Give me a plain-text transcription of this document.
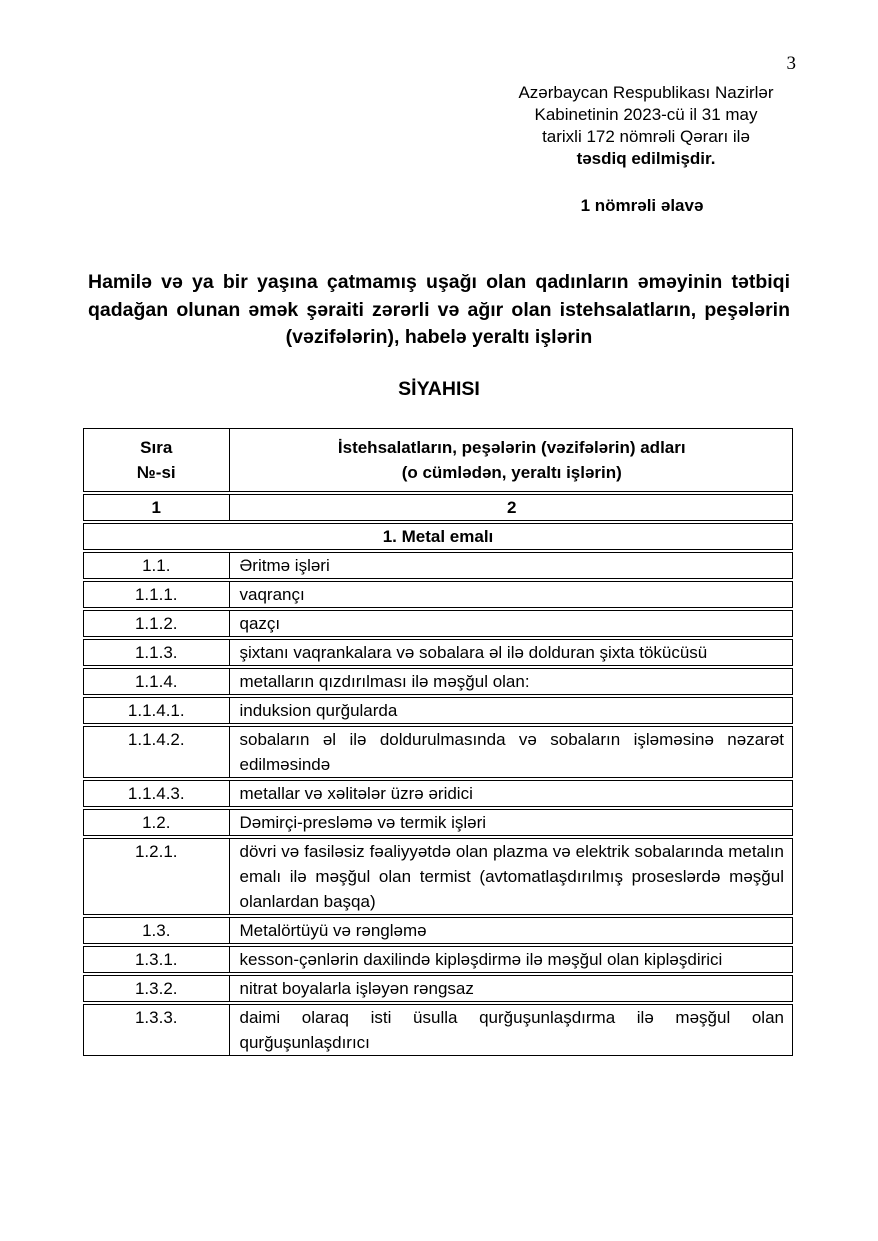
3
Azərbaycan Respublikası Nazirlər
Kabinetinin 2023-cü il 31 may
tarixli 172 nömrəli Qərarı ilə
təsdiq edilmişdir.
1 nömrəli əlavə
Hamilə və ya bir yaşına çatmamış uşağı olan qadınların əməyinin tətbiqi qadağan olunan əmək şəraiti zərərli və ağır olan istehsalatların, peşələrin (vəzifələrin), habelə yeraltı işlərin
SİYAHISI
Sıra
№-si
İstehsalatların, peşələrin (vəzifələrin) adları
(o cümlədən, yeraltı işlərin)
1	2
1. Metal emalı
1.1.	Əritmə işləri
1.1.1.	vaqrançı
1.1.2.	qazçı
1.1.3.	şixtanı vaqrankalara və sobalara əl ilə dolduran şixta tökücüsü
1.1.4.	metalların qızdırılması ilə məşğul olan:
1.1.4.1.	induksion qurğularda
1.1.4.2.	sobaların əl ilə doldurulmasında və sobaların işləməsinə nəzarət edilməsində
1.1.4.3.	metallar və xəlitələr üzrə əridici
1.2.	Dəmirçi-presləmə və termik işləri
1.2.1.	dövri və fasiləsiz fəaliyyətdə olan plazma və elektrik sobalarında metalın emalı ilə məşğul olan termist (avtomatlaşdırılmış proseslərdə məşğul olanlardan başqa)
1.3.	Metalörtüyü və rəngləmə
1.3.1.	kesson-çənlərin daxilində kipləşdirmə ilə məşğul olan kipləşdirici
1.3.2.	nitrat boyalarla işləyən rəngsaz
1.3.3.	daimi olaraq isti üsulla qurğuşunlaşdırma ilə məşğul olan qurğuşunlaşdırıcı
